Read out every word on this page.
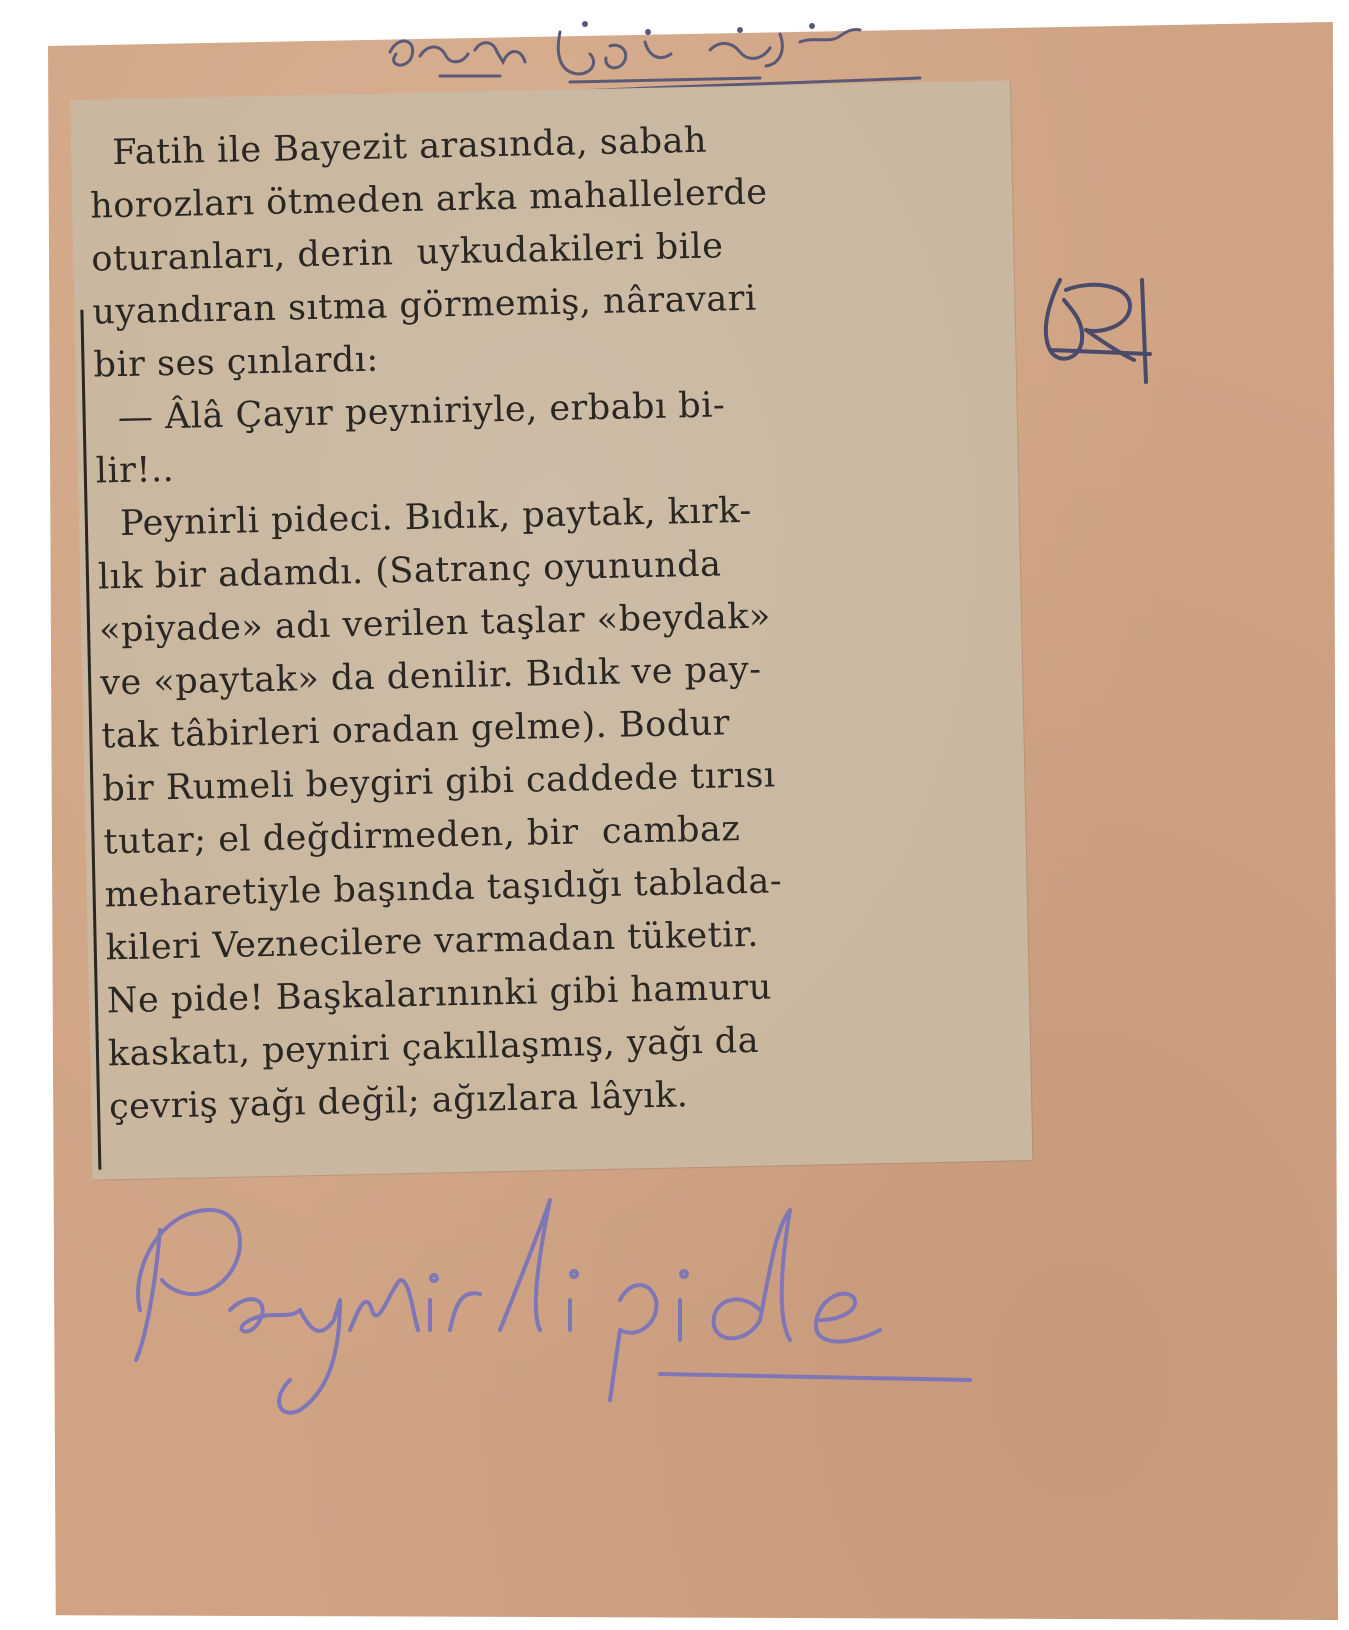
Fatih ile Bayezit arasında, sabah
horozları ötmeden arka mahallelerde
oturanları, derin  uykudakileri bile
uyandıran sıtma görmemiş, nâravari
bir ses çınlardı:
— Âlâ Çayır peyniriyle, erbabı bi-
lir!..
Peynirli pideci. Bıdık, paytak, kırk-
lık bir adamdı. (Satranç oyununda
«piyade» adı verilen taşlar «beydak»
ve «paytak» da denilir. Bıdık ve pay-
tak tâbirleri oradan gelme). Bodur
bir Rumeli beygiri gibi caddede tırısı
tutar; el değdirmeden, bir  cambaz
meharetiyle başında taşıdığı tablada-
kileri Veznecilere varmadan tüketir.
Ne pide! Başkalarınınki gibi hamuru
kaskatı, peyniri çakıllaşmış, yağı da
çevriş yağı değil; ağızlara lâyık.
